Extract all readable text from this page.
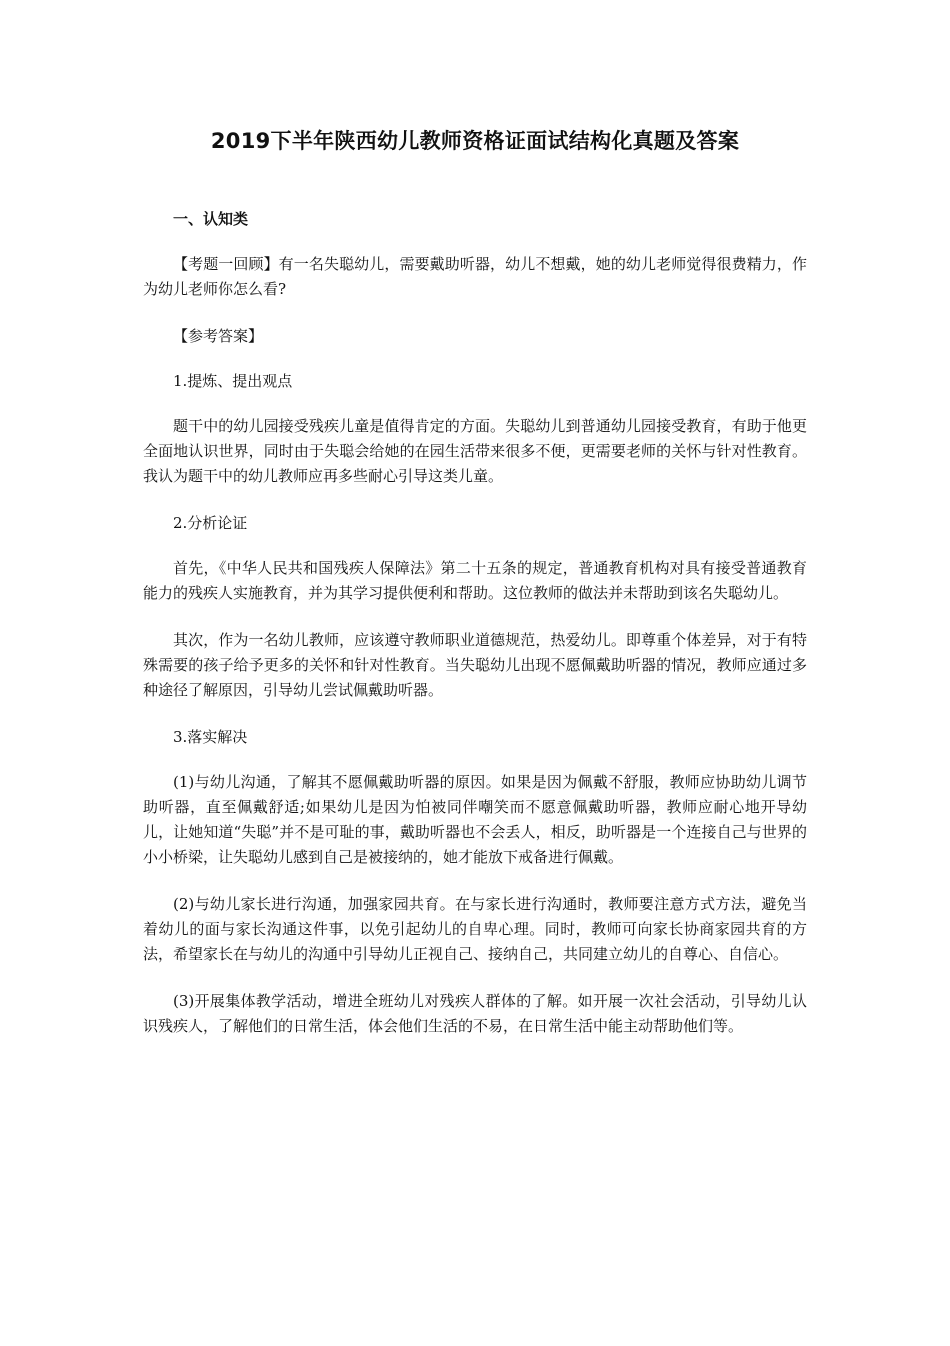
2019下半年陕西幼儿教师资格证面试结构化真题及答案

一、认知类

【考题一回顾】有一名失聪幼儿，需要戴助听器，幼儿不想戴，她的幼儿老师觉得很费精力，作为幼儿老师你怎么看?

【参考答案】

1.提炼、提出观点

题干中的幼儿园接受残疾儿童是值得肯定的方面。失聪幼儿到普通幼儿园接受教育，有助于他更全面地认识世界，同时由于失聪会给她的在园生活带来很多不便，更需要老师的关怀与针对性教育。我认为题干中的幼儿教师应再多些耐心引导这类儿童。

2.分析论证

首先，《中华人民共和国残疾人保障法》第二十五条的规定，普通教育机构对具有接受普通教育能力的残疾人实施教育，并为其学习提供便利和帮助。这位教师的做法并未帮助到该名失聪幼儿。

其次，作为一名幼儿教师，应该遵守教师职业道德规范，热爱幼儿。即尊重个体差异，对于有特殊需要的孩子给予更多的关怀和针对性教育。当失聪幼儿出现不愿佩戴助听器的情况，教师应通过多种途径了解原因，引导幼儿尝试佩戴助听器。

3.落实解决

(1)与幼儿沟通，了解其不愿佩戴助听器的原因。如果是因为佩戴不舒服，教师应协助幼儿调节助听器，直至佩戴舒适;如果幼儿是因为怕被同伴嘲笑而不愿意佩戴助听器，教师应耐心地开导幼儿，让她知道“失聪”并不是可耻的事，戴助听器也不会丢人，相反，助听器是一个连接自己与世界的小小桥梁，让失聪幼儿感到自己是被接纳的，她才能放下戒备进行佩戴。

(2)与幼儿家长进行沟通，加强家园共育。在与家长进行沟通时，教师要注意方式方法，避免当着幼儿的面与家长沟通这件事，以免引起幼儿的自卑心理。同时，教师可向家长协商家园共育的方法，希望家长在与幼儿的沟通中引导幼儿正视自己、接纳自己，共同建立幼儿的自尊心、自信心。

(3)开展集体教学活动，增进全班幼儿对残疾人群体的了解。如开展一次社会活动，引导幼儿认识残疾人，了解他们的日常生活，体会他们生活的不易，在日常生活中能主动帮助他们等。
